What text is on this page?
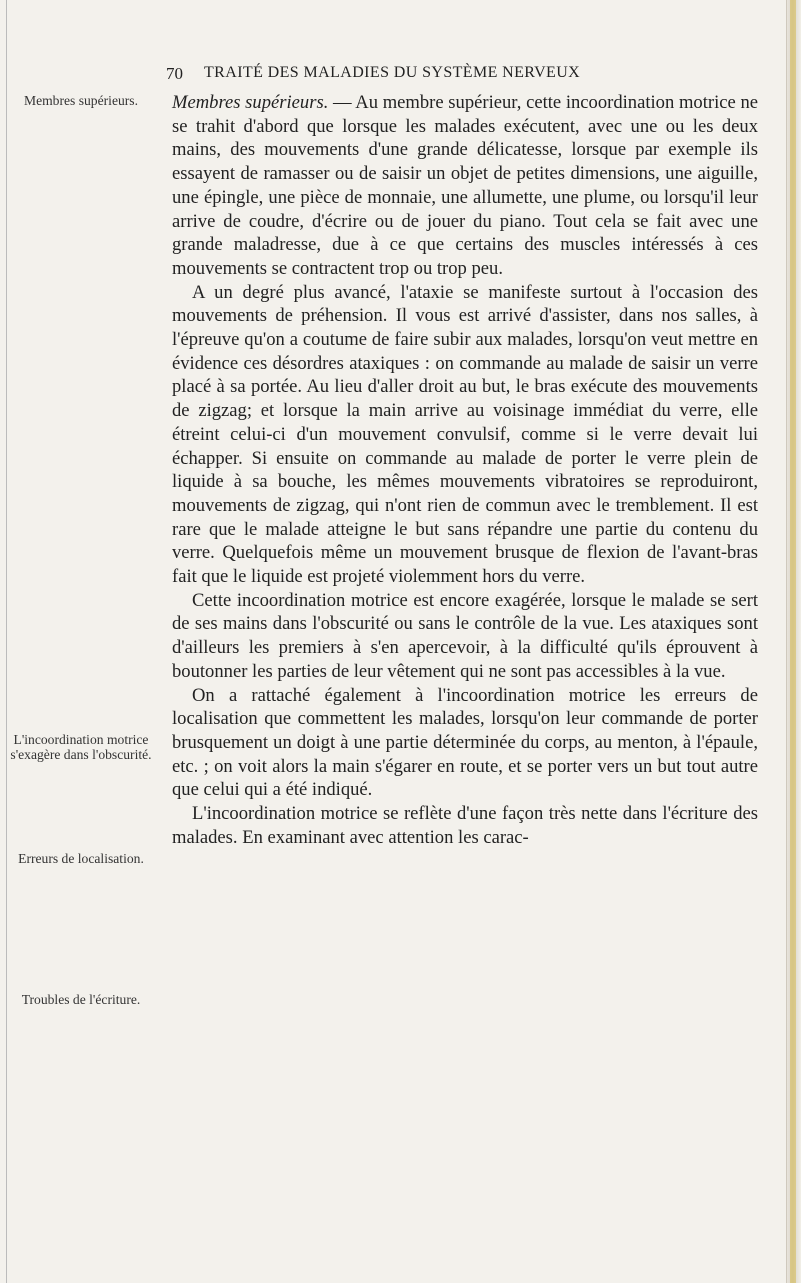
70 TRAITÉ DES MALADIES DU SYSTÈME NERVEUX
Membres supérieurs.
L'incoordination motrice s'exagère dans l'obscurité.
Erreurs de localisation.
Troubles de l'écriture.

Membres supérieurs. — Au membre supérieur, cette incoordination motrice ne se trahit d'abord que lorsque les malades exécutent, avec une ou les deux mains, des mouvements d'une grande délicatesse, lorsque par exemple ils essayent de ramasser ou de saisir un objet de petites dimensions, une aiguille, une épingle, une pièce de monnaie, une allumette, une plume, ou lorsqu'il leur arrive de coudre, d'écrire ou de jouer du piano. Tout cela se fait avec une grande maladresse, due à ce que certains des muscles intéressés à ces mouvements se contractent trop ou trop peu.

A un degré plus avancé, l'ataxie se manifeste surtout à l'occasion des mouvements de préhension. Il vous est arrivé d'assister, dans nos salles, à l'épreuve qu'on a coutume de faire subir aux malades, lorsqu'on veut mettre en évidence ces désordres ataxiques : on commande au malade de saisir un verre placé à sa portée. Au lieu d'aller droit au but, le bras exécute des mouvements de zigzag; et lorsque la main arrive au voisinage immédiat du verre, elle étreint celui-ci d'un mouvement convulsif, comme si le verre devait lui échapper. Si ensuite on commande au malade de porter le verre plein de liquide à sa bouche, les mêmes mouvements vibratoires se reproduiront, mouvements de zigzag, qui n'ont rien de commun avec le tremblement. Il est rare que le malade atteigne le but sans répandre une partie du contenu du verre. Quelquefois même un mouvement brusque de flexion de l'avant-bras fait que le liquide est projeté violemment hors du verre.

Cette incoordination motrice est encore exagérée, lorsque le malade se sert de ses mains dans l'obscurité ou sans le contrôle de la vue. Les ataxiques sont d'ailleurs les premiers à s'en apercevoir, à la difficulté qu'ils éprouvent à boutonner les parties de leur vêtement qui ne sont pas accessibles à la vue.

On a rattaché également à l'incoordination motrice les erreurs de localisation que commettent les malades, lorsqu'on leur commande de porter brusquement un doigt à une partie déterminée du corps, au menton, à l'épaule, etc. ; on voit alors la main s'égarer en route, et se porter vers un but tout autre que celui qui a été indiqué.

L'incoordination motrice se reflète d'une façon très nette dans l'écriture des malades. En examinant avec attention les carac-
